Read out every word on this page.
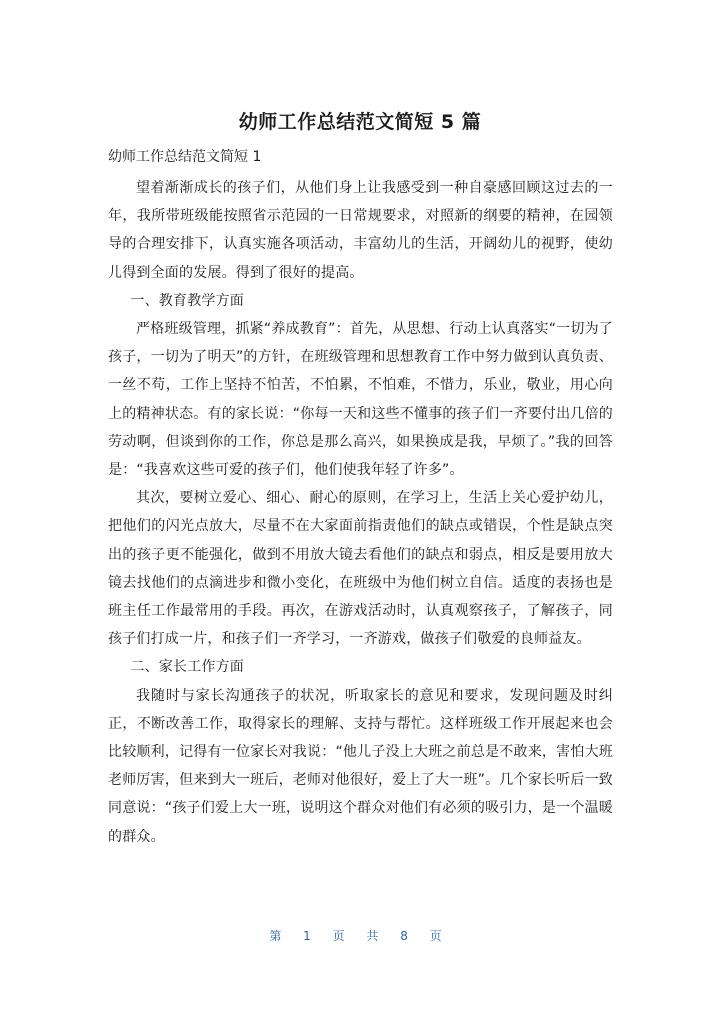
幼师工作总结范文简短 5 篇

幼师工作总结范文简短 1

望着渐渐成长的孩子们，从他们身上让我感受到一种自豪感回顾这过去的一年，我所带班级能按照省示范园的一日常规要求，对照新的纲要的精神，在园领导的合理安排下，认真实施各项活动，丰富幼儿的生活，开阔幼儿的视野，使幼儿得到全面的发展。得到了很好的提高。

一、教育教学方面

严格班级管理，抓紧“养成教育”：首先，从思想、行动上认真落实“一切为了孩子，一切为了明天”的方针，在班级管理和思想教育工作中努力做到认真负责、一丝不苟，工作上坚持不怕苦，不怕累，不怕难，不惜力，乐业，敬业，用心向上的精神状态。有的家长说：“你每一天和这些不懂事的孩子们一齐要付出几倍的劳动啊，但谈到你的工作，你总是那么高兴，如果换成是我，早烦了。”我的回答是：“我喜欢这些可爱的孩子们，他们使我年轻了许多”。

其次，要树立爱心、细心、耐心的原则，在学习上，生活上关心爱护幼儿，把他们的闪光点放大，尽量不在大家面前指责他们的缺点或错误，个性是缺点突出的孩子更不能强化，做到不用放大镜去看他们的缺点和弱点，相反是要用放大镜去找他们的点滴进步和微小变化，在班级中为他们树立自信。适度的表扬也是班主任工作最常用的手段。再次，在游戏活动时，认真观察孩子，了解孩子，同孩子们打成一片，和孩子们一齐学习，一齐游戏，做孩子们敬爱的良师益友。

二、家长工作方面

我随时与家长沟通孩子的状况，听取家长的意见和要求，发现问题及时纠正，不断改善工作，取得家长的理解、支持与帮忙。这样班级工作开展起来也会比较顺利，记得有一位家长对我说：“他儿子没上大班之前总是不敢来，害怕大班老师厉害，但来到大一班后，老师对他很好，爱上了大一班”。几个家长听后一致同意说：“孩子们爱上大一班，说明这个群众对他们有必须的吸引力，是一个温暖的群众。

第 1 页 共 8 页
